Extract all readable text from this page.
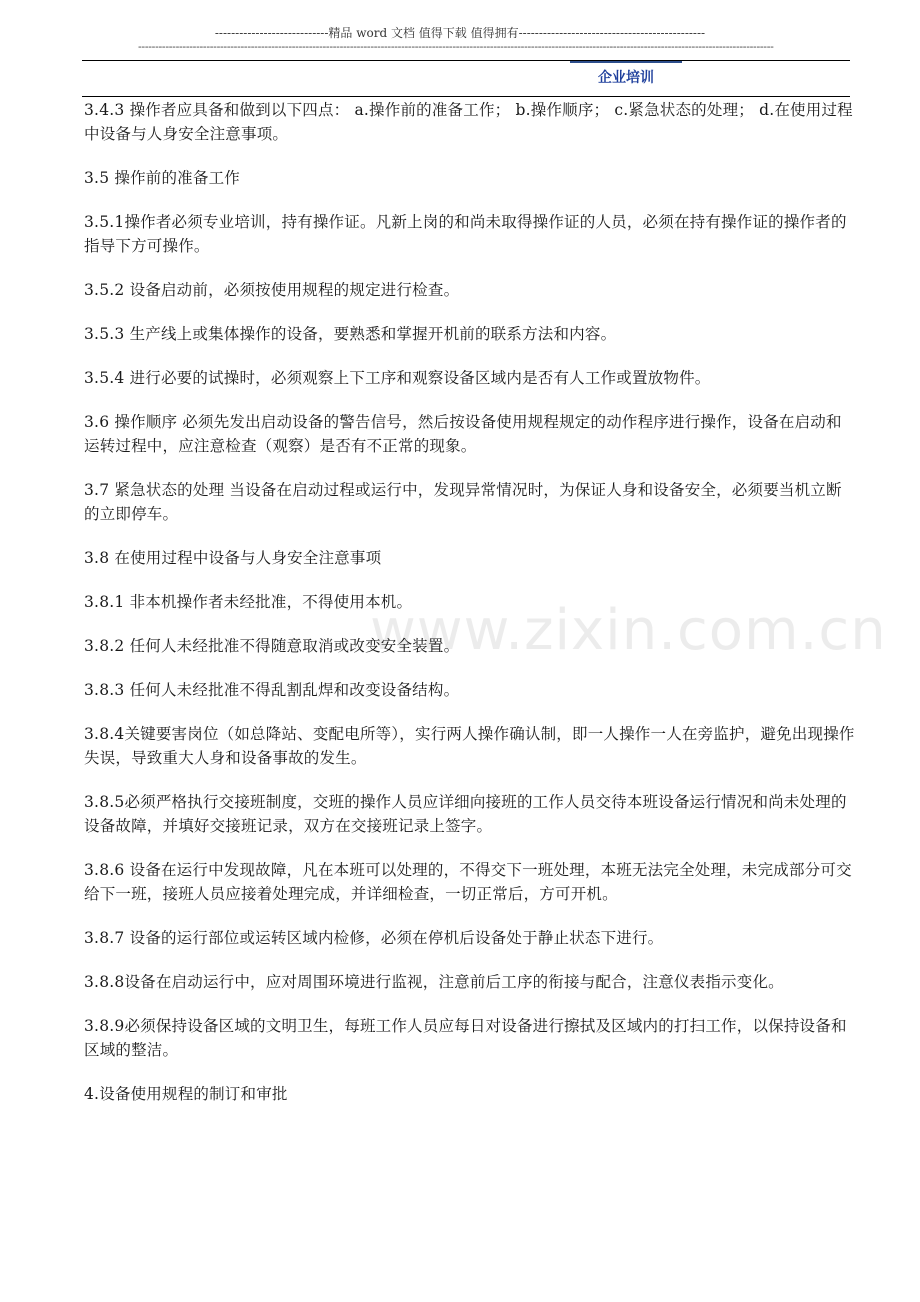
----------------------------精品 word 文档 值得下载 值得拥有----------------------------------------------
------------------------------------------------------------------------------------------------------------------------------------------------------------------------------------------
企业培训
www.zixin.com.cn

3.4.3 操作者应具备和做到以下四点： a.操作前的准备工作； b.操作顺序； c.紧急状态的处理； d.在使用过程中设备与人身安全注意事项。

3.5 操作前的准备工作

3.5.1操作者必须专业培训，持有操作证。凡新上岗的和尚未取得操作证的人员，必须在持有操作证的操作者的指导下方可操作。

3.5.2 设备启动前，必须按使用规程的规定进行检查。

3.5.3 生产线上或集体操作的设备，要熟悉和掌握开机前的联系方法和内容。

3.5.4 进行必要的试操时，必须观察上下工序和观察设备区域内是否有人工作或置放物件。

3.6 操作顺序 必须先发出启动设备的警告信号，然后按设备使用规程规定的动作程序进行操作，设备在启动和运转过程中，应注意检查（观察）是否有不正常的现象。

3.7 紧急状态的处理 当设备在启动过程或运行中，发现异常情况时，为保证人身和设备安全，必须要当机立断的立即停车。

3.8 在使用过程中设备与人身安全注意事项

3.8.1 非本机操作者未经批准，不得使用本机。

3.8.2 任何人未经批准不得随意取消或改变安全装置。

3.8.3 任何人未经批准不得乱割乱焊和改变设备结构。

3.8.4关键要害岗位（如总降站、变配电所等），实行两人操作确认制，即一人操作一人在旁监护，避免出现操作失误，导致重大人身和设备事故的发生。

3.8.5必须严格执行交接班制度，交班的操作人员应详细向接班的工作人员交待本班设备运行情况和尚未处理的设备故障，并填好交接班记录，双方在交接班记录上签字。

3.8.6 设备在运行中发现故障，凡在本班可以处理的，不得交下一班处理，本班无法完全处理，未完成部分可交给下一班，接班人员应接着处理完成，并详细检查，一切正常后，方可开机。

3.8.7 设备的运行部位或运转区域内检修，必须在停机后设备处于静止状态下进行。

3.8.8设备在启动运行中，应对周围环境进行监视，注意前后工序的衔接与配合，注意仪表指示变化。

3.8.9必须保持设备区域的文明卫生，每班工作人员应每日对设备进行擦拭及区域内的打扫工作，以保持设备和区域的整洁。

4.设备使用规程的制订和审批
